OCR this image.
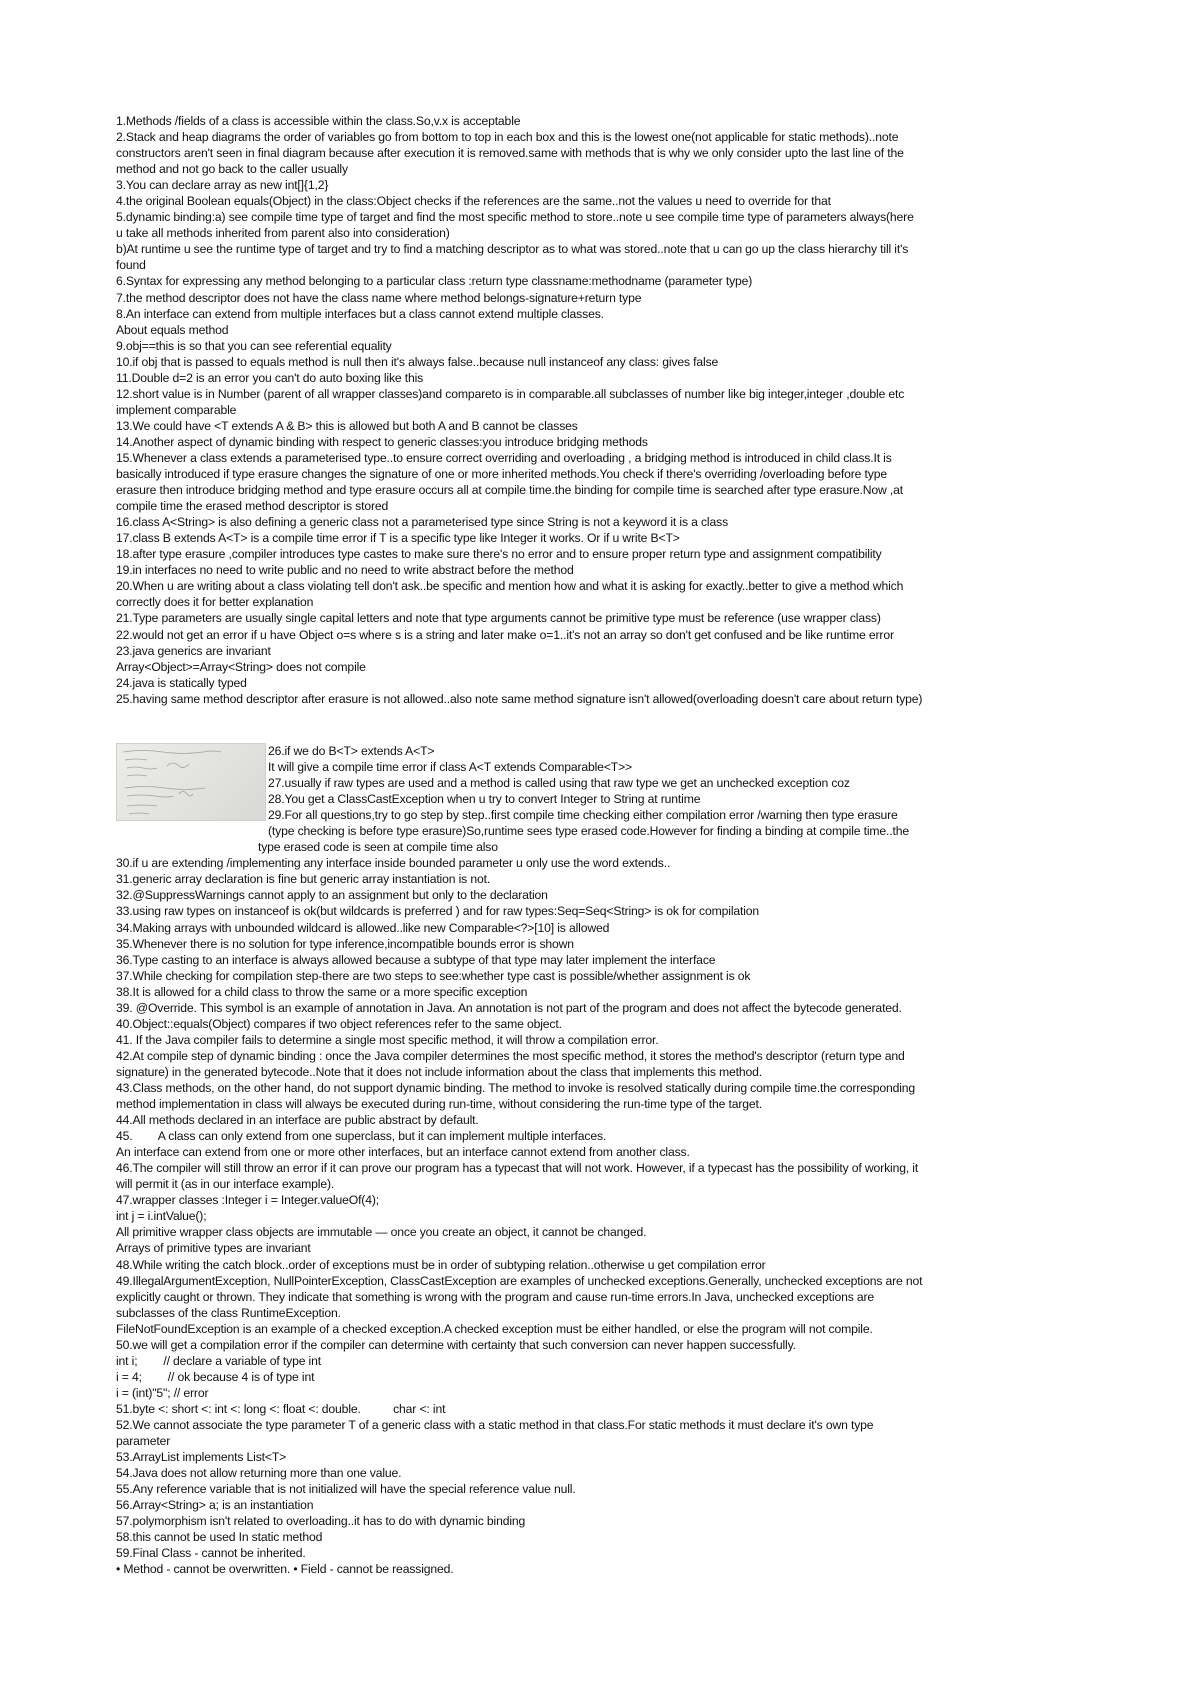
1.Methods /fields of a class is accessible within the class.So,v.x is acceptable
2.Stack and heap diagrams the order of variables go from bottom to top in each box and this is the lowest one(not applicable for static methods)..note
constructors aren't seen in final diagram because after execution it is removed.same with methods that is why we only consider upto the last line of the
method and not go back to the caller usually
3.You can declare array as new int[]{1,2}
4.the original Boolean equals(Object) in the class:Object checks if the references are the same..not the values u need to override for that
5.dynamic binding:a) see compile time type of target and find the most specific method to store..note u see compile time type of parameters always(here
u take all methods inherited from parent also into consideration)
b)At runtime u see the runtime type of target and try to find a matching descriptor as to what was stored..note that u can go up the class hierarchy till it's
found
6.Syntax for expressing any method belonging to a particular class :return type classname:methodname (parameter type)
7.the method descriptor does not have the class name where method belongs-signature+return type
8.An interface can extend from multiple interfaces but a class cannot extend multiple classes.
About equals method
9.obj==this is so that you can see referential equality
10.if obj that is passed to equals method is null then it's always false..because null instanceof any class: gives false
11.Double d=2 is an error you can't do auto boxing like this
12.short value is in Number (parent of all wrapper classes)and compareto is in comparable.all subclasses of number like big integer,integer ,double etc
implement comparable
13.We could have <T extends A & B> this is allowed but both A and B cannot be classes
14.Another aspect of dynamic binding with respect to generic classes:you introduce bridging methods
15.Whenever a class extends a parameterised type..to ensure correct overriding and overloading , a bridging method is introduced in child class.It is
basically introduced if type erasure changes the signature of one or more inherited methods.You check if there's overriding /overloading before type
erasure then introduce bridging method and type erasure occurs all at compile time.the binding for compile time is searched after type erasure.Now ,at
compile time the erased method descriptor is stored
16.class A<String> is also defining a generic class not a parameterised type since String is not a keyword it is a class
17.class B extends A<T> is a compile time error if T is a specific type like Integer it works. Or if u write B<T>
18.after type erasure ,compiler introduces type castes to make sure there's no error and to ensure proper return type and assignment compatibility
19.in interfaces no need to write public and no need to write abstract before the method
20.When u are writing about a class violating tell don't ask..be specific and mention how and what it is asking for exactly..better to give a method which
correctly does it for better explanation
21.Type parameters are usually single capital letters and note that type arguments cannot be primitive type must be reference (use wrapper class)
22.would not get an error if u have Object o=s where s is a string and later make o=1..it's not an array so don't get confused and be like runtime error
23.java generics are invariant
Array<Object>=Array<String> does not compile
24.java is statically typed
25.having same method descriptor after erasure is not allowed..also note same method signature isn't allowed(overloading doesn't care about return type)
26.if we do B<T> extends A<T>
It will give a compile time error if class A<T extends Comparable<T>>
27.usually if raw types are used and a method is called using that raw type we get an unchecked exception coz
28.You get a ClassCastException when u try to convert Integer to String at runtime
29.For all questions,try to go step by step..first compile time checking either compilation error /warning then type erasure
(type checking is before type erasure)So,runtime sees type erased code.However for finding a binding at compile time..the
type erased code is seen at compile time also
30.if u are extending /implementing any interface inside bounded parameter u only use the word extends..
31.generic array declaration is fine but generic array instantiation is not.
32.@SuppressWarnings cannot apply to an assignment but only to the declaration
33.using raw types on instanceof is ok(but wildcards is preferred ) and for raw types:Seq=Seq<String> is ok for compilation
34.Making arrays with unbounded wildcard is allowed..like new Comparable<?>[10] is allowed
35.Whenever there is no solution for type inference,incompatible bounds error is shown
36.Type casting to an interface is always allowed because a subtype of that type may later implement the interface
37.While checking for compilation step-there are two steps to see:whether type cast is possible/whether assignment is ok
38.It is allowed for a child class to throw the same or a more specific exception
39. @Override. This symbol is an example of annotation in Java. An annotation is not part of the program and does not affect the bytecode generated.
40.Object::equals(Object) compares if two object references refer to the same object.
41. If the Java compiler fails to determine a single most specific method, it will throw a compilation error.
42.At compile step of dynamic binding : once the Java compiler determines the most specific method, it stores the method's descriptor (return type and
signature) in the generated bytecode..Note that it does not include information about the class that implements this method.
43.Class methods, on the other hand, do not support dynamic binding. The method to invoke is resolved statically during compile time.the corresponding
method implementation in class will always be executed during run-time, without considering the run-time type of the target.
44.All methods declared in an interface are public abstract by default.
45.        A class can only extend from one superclass, but it can implement multiple interfaces.
An interface can extend from one or more other interfaces, but an interface cannot extend from another class.
46.The compiler will still throw an error if it can prove our program has a typecast that will not work. However, if a typecast has the possibility of working, it
will permit it (as in our interface example).
47.wrapper classes :Integer i = Integer.valueOf(4);
int j = i.intValue();
All primitive wrapper class objects are immutable — once you create an object, it cannot be changed.
Arrays of primitive types are invariant
48.While writing the catch block..order of exceptions must be in order of subtyping relation..otherwise u get compilation error
49.IllegalArgumentException, NullPointerException, ClassCastException are examples of unchecked exceptions.Generally, unchecked exceptions are not
explicitly caught or thrown. They indicate that something is wrong with the program and cause run-time errors.In Java, unchecked exceptions are
subclasses of the class RuntimeException.
FileNotFoundException is an example of a checked exception.A checked exception must be either handled, or else the program will not compile.
50.we will get a compilation error if the compiler can determine with certainty that such conversion can never happen successfully.
int i;        // declare a variable of type int
i = 4;        // ok because 4 is of type int
i = (int)"5"; // error
51.byte <: short <: int <: long <: float <: double.          char <: int
52.We cannot associate the type parameter T of a generic class with a static method in that class.For static methods it must declare it's own type
parameter
53.ArrayList implements List<T>
54.Java does not allow returning more than one value.
55.Any reference variable that is not initialized will have the special reference value null.
56.Array<String> a; is an instantiation
57.polymorphism isn't related to overloading..it has to do with dynamic binding
58.this cannot be used In static method
59.Final Class - cannot be inherited.
• Method - cannot be overwritten. • Field - cannot be reassigned.
